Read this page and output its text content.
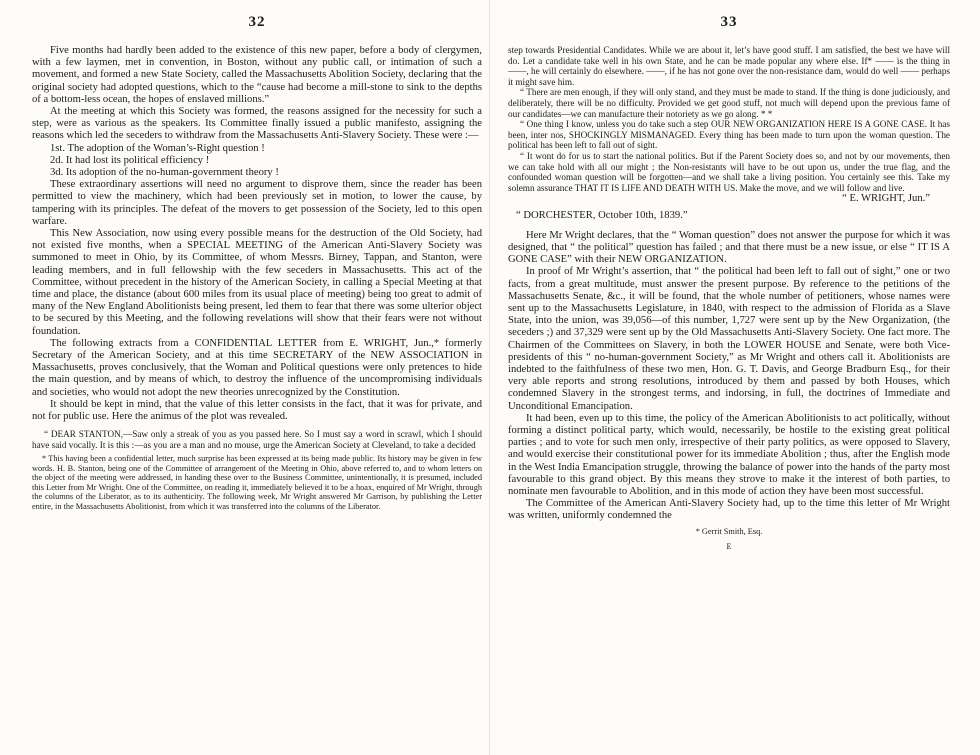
32

Five months had hardly been added to the existence of this new paper, before a body of clergymen, with a few laymen, met in convention, in Boston, without any public call, or intimation of such a movement, and formed a new State Society, called the Massachusetts Abolition Society, declaring that the original society had adopted questions, which to the “cause had become a mill-stone to sink to the depths of a bottom-less ocean, the hopes of enslaved millions.”

At the meeting at which this Society was formed, the reasons assigned for the necessity for such a step, were as various as the speakers. Its Committee finally issued a public manifesto, assigning the reasons which led the seceders to withdraw from the Massachusetts Anti-Slavery Society. These were :—

1st. The adoption of the Woman’s-Right question !

2d. It had lost its political efficiency !

3d. Its adoption of the no-human-government theory !

These extraordinary assertions will need no argument to disprove them, since the reader has been permitted to view the machinery, which had been previously set in motion, to lower the cause, by tampering with its principles. The defeat of the movers to get possession of the Society, led to this open warfare.

This New Association, now using every possible means for the destruction of the Old Society, had not existed five months, when a SPECIAL MEETING of the American Anti-Slavery Society was summoned to meet in Ohio, by its Committee, of whom Messrs. Birney, Tappan, and Stanton, were leading members, and in full fellowship with the few seceders in Massachusetts. This act of the Committee, without precedent in the history of the American Society, in calling a Special Meeting at that time and place, the distance (about 600 miles from its usual place of meeting) being too great to admit of many of the New England Abolitionists being present, led them to fear that there was some ulterior object to be secured by this Meeting, and the following revelations will show that their fears were not without foundation.

The following extracts from a CONFIDENTIAL LETTER from E. WRIGHT, Jun.,* formerly Secretary of the American Society, and at this time SECRETARY of the NEW ASSOCIATION in Massachusetts, proves conclusively, that the Woman and Political questions were only pretences to hide the main question, and by means of which, to destroy the influence of the uncompromising individuals and societies, who would not adopt the new theories unrecognized by the Constitution.

It should be kept in mind, that the value of this letter consists in the fact, that it was for private, and not for public use. Here the animus of the plot was revealed.

“ DEAR STANTON,—Saw only a streak of you as you passed here. So I must say a word in scrawl, which I should have said vocally. It is this :—as you are a man and no mouse, urge the American Society at Cleveland, to take a decided

* This having been a confidential letter, much surprise has been expressed at its being made public. Its history may be given in few words. H. B. Stanton, being one of the Committee of arrangement of the Meeting in Ohio, above referred to, and to whom letters on the object of the meeting were addressed, in handing these over to the Business Committee, unintentionally, it is presumed, included this Letter from Mr Wright. One of the Committee, on reading it, immediately believed it to be a hoax, enquired of Mr Wright, through the columns of the Liberator, as to its authenticity. The following week, Mr Wright answered Mr Garrison, by publishing the Letter entire, in the Massachusetts Abolitionist, from which it was transferred into the columns of the Liberator.

33

step towards Presidential Candidates. While we are about it, let’s have good stuff. I am satisfied, the best we have will do. Let a candidate take well in his own State, and he can be made popular any where else. If* —— is the thing in ——, he will certainly do elsewhere. ——, if he has not gone over the non-resistance dam, would do well —— perhaps it might save him.

“ There are men enough, if they will only stand, and they must be made to stand. If the thing is done judiciously, and deliberately, there will be no difficulty. Provided we get good stuff, not much will depend upon the previous fame of our candidates—we can manufacture their notoriety as we go along. * *

“ One thing I know, unless you do take such a step OUR NEW ORGANIZATION HERE IS A GONE CASE. It has been, inter nos, SHOCKINGLY MISMANAGED. Every thing has been made to turn upon the woman question. The political has been left to fall out of sight.

“ It wont do for us to start the national politics. But if the Parent Society does so, and not by our movements, then we can take hold with all our might ; the Non-resistants will have to be out upon us, under the true flag, and the confounded woman question will be forgotten—and we shall take a living position. You certainly see this. Take my solemn assurance THAT IT IS LIFE AND DEATH WITH US. Make the move, and we will follow and live.

“ E. WRIGHT, Jun.”
“ DORCHESTER, October 10th, 1839.”

Here Mr Wright declares, that the “ Woman question” does not answer the purpose for which it was designed, that “ the political” question has failed ; and that there must be a new issue, or else “ IT IS A GONE CASE” with their NEW ORGANIZATION.

In proof of Mr Wright’s assertion, that “ the political had been left to fall out of sight,” one or two facts, from a great multitude, must answer the present purpose. By reference to the petitions of the Massachusetts Senate, &c., it will be found, that the whole number of petitioners, whose names were sent up to the Massachusetts Legislature, in 1840, with respect to the admission of Florida as a Slave State, into the union, was 39,056—of this number, 1,727 were sent up by the New Organization, (the seceders ;) and 37,329 were sent up by the Old Massachusetts Anti-Slavery Society. One fact more. The Chairmen of the Committees on Slavery, in both the LOWER HOUSE and Senate, were both Vice-presidents of this “ no-human-government Society,” as Mr Wright and others call it. Abolitionists are indebted to the faithfulness of these two men, Hon. G. T. Davis, and George Bradburn Esq., for their very able reports and strong resolutions, introduced by them and passed by both Houses, which condemned Slavery in the strongest terms, and indorsing, in full, the doctrines of Immediate and Unconditional Emancipation.

It had been, even up to this time, the policy of the American Abolitionists to act politically, without forming a distinct political party, which would, necessarily, be hostile to the existing great political parties ; and to vote for such men only, irrespective of their party politics, as were opposed to Slavery, and would exercise their constitutional power for its immediate Abolition ; thus, after the English mode in the West India Emancipation struggle, throwing the balance of power into the hands of the party most favourable to this grand object. By this means they strove to make it the interest of both parties, to nominate men favourable to Abolition, and in this mode of action they have been most successful.

The Committee of the American Anti-Slavery Society had, up to the time this letter of Mr Wright was written, uniformly condemned the

* Gerrit Smith, Esq.
E
